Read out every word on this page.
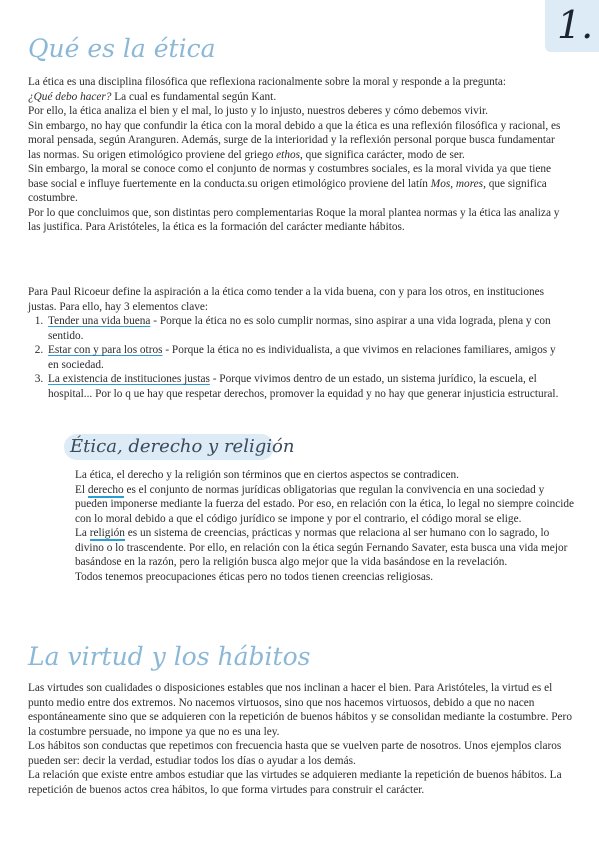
1.
Qué es la ética

La ética es una disciplina filosófica que reflexiona racionalmente sobre la moral y responde a la pregunta:
¿Qué debo hacer? La cual es fundamental según Kant.

Por ello, la ética analiza el bien y el mal, lo justo y lo injusto, nuestros deberes y cómo debemos vivir.

Sin embargo, no hay que confundir la ética con la moral debido a que la ética es una reflexión filosófica y racional, es moral pensada, según Aranguren. Además, surge de la interioridad y la reflexión personal porque busca fundamentar las normas. Su origen etimológico proviene del griego ethos, que significa carácter, modo de ser.

Sin embargo, la moral se conoce como el conjunto de normas y costumbres sociales, es la moral vivida ya que tiene base social e influye fuertemente en la conducta.su origen etimológico proviene del latín Mos, mores, que significa costumbre.

Por lo que concluimos que, son distintas pero complementarias Roque la moral plantea normas y la ética las analiza y las justifica. Para Aristóteles, la ética es la formación del carácter mediante hábitos.

Para Paul Ricoeur define la aspiración a la ética como tender a la vida buena, con y para los otros, en instituciones justas. Para ello, hay 3 elementos clave:

1. Tender una vida buena - Porque la ética no es solo cumplir normas, sino aspirar a una vida lograda, plena y con sentido.
2. Estar con y para los otros - Porque la ética no es individualista, a que vivimos en relaciones familiares, amigos y en sociedad.
3. La existencia de instituciones justas - Porque vivimos dentro de un estado, un sistema jurídico, la escuela, el hospital... Por lo q ue hay que respetar derechos, promover la equidad y no hay que generar injusticia estructural.
Ética, derecho y religión

La ética, el derecho y la religión son términos que en ciertos aspectos se contradicen.

El derecho es el conjunto de normas jurídicas obligatorias que regulan la convivencia en una sociedad y pueden imponerse mediante la fuerza del estado. Por eso, en relación con la ética, lo legal no siempre coincide con lo moral debido a que el código jurídico se impone y por el contrario, el código moral se elige.

La religión es un sistema de creencias, prácticas y normas que relaciona al ser humano con lo sagrado, lo divino o lo trascendente. Por ello, en relación con la ética según Fernando Savater, esta busca una vida mejor basándose en la razón, pero la religión busca algo mejor que la vida basándose en la revelación.

Todos tenemos preocupaciones éticas pero no todos tienen creencias religiosas.

La virtud y los hábitos

Las virtudes son cualidades o disposiciones estables que nos inclinan a hacer el bien. Para Aristóteles, la virtud es el punto medio entre dos extremos. No nacemos virtuosos, sino que nos hacemos virtuosos, debido a que no nacen espontáneamente sino que se adquieren con la repetición de buenos hábitos y se consolidan mediante la costumbre. Pero la costumbre persuade, no impone ya que no es una ley.

Los hábitos son conductas que repetimos con frecuencia hasta que se vuelven parte de nosotros. Unos ejemplos claros pueden ser: decir la verdad, estudiar todos los días o ayudar a los demás.

La relación que existe entre ambos estudiar que las virtudes se adquieren mediante la repetición de buenos hábitos. La repetición de buenos actos crea hábitos, lo que forma virtudes para construir el carácter.
